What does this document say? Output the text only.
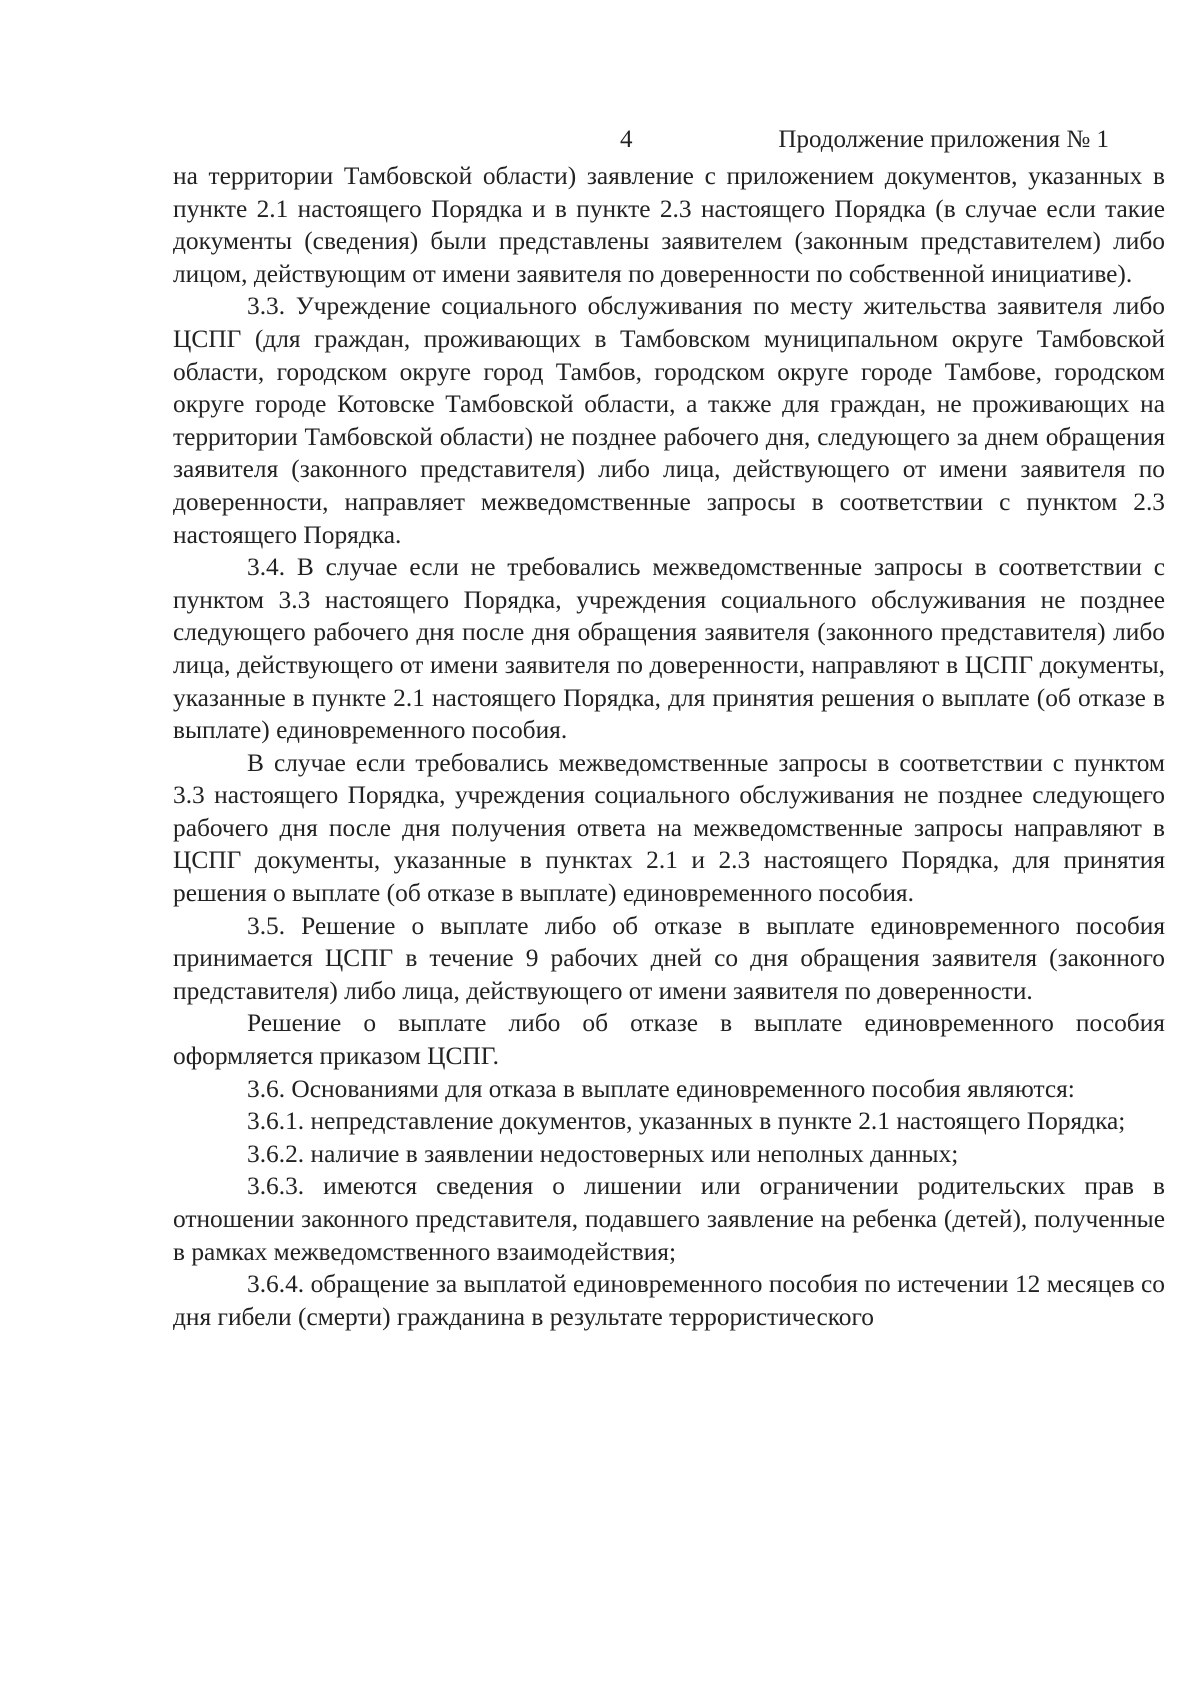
4	Продолжение приложения № 1

на территории Тамбовской области) заявление с приложением документов, указанных в пункте 2.1 настоящего Порядка и в пункте 2.3 настоящего Порядка (в случае если такие документы (сведения) были представлены заявителем (законным представителем) либо лицом, действующим от имени заявителя по доверенности по собственной инициативе).

3.3. Учреждение социального обслуживания по месту жительства заявителя либо ЦСПГ (для граждан, проживающих в Тамбовском муниципальном округе Тамбовской области, городском округе город Тамбов, городском округе городе Тамбове, городском округе городе Котовске Тамбовской области, а также для граждан, не проживающих на территории Тамбовской области) не позднее рабочего дня, следующего за днем обращения заявителя (законного представителя) либо лица, действующего от имени заявителя по доверенности, направляет межведомственные запросы в соответствии с пунктом 2.3 настоящего Порядка.

3.4. В случае если не требовались межведомственные запросы в соответствии с пунктом 3.3 настоящего Порядка, учреждения социального обслуживания не позднее следующего рабочего дня после дня обращения заявителя (законного представителя) либо лица, действующего от имени заявителя по доверенности, направляют в ЦСПГ документы, указанные в пункте 2.1 настоящего Порядка, для принятия решения о выплате (об отказе в выплате) единовременного пособия.

В случае если требовались межведомственные запросы в соответствии с пунктом 3.3 настоящего Порядка, учреждения социального обслуживания не позднее следующего рабочего дня после дня получения ответа на межведомственные запросы направляют в ЦСПГ документы, указанные в пунктах 2.1 и 2.3 настоящего Порядка, для принятия решения о выплате (об отказе в выплате) единовременного пособия.

3.5. Решение о выплате либо об отказе в выплате единовременного пособия принимается ЦСПГ в течение 9 рабочих дней со дня обращения заявителя (законного представителя) либо лица, действующего от имени заявителя по доверенности.

Решение о выплате либо об отказе в выплате единовременного пособия оформляется приказом ЦСПГ.

3.6. Основаниями для отказа в выплате единовременного пособия являются:

3.6.1. непредставление документов, указанных в пункте 2.1 настоящего Порядка;

3.6.2. наличие в заявлении недостоверных или неполных данных;

3.6.3. имеются сведения о лишении или ограничении родительских прав в отношении законного представителя, подавшего заявление на ребенка (детей), полученные в рамках межведомственного взаимодействия;

3.6.4. обращение за выплатой единовременного пособия по истечении 12 месяцев со дня гибели (смерти) гражданина в результате террористического
